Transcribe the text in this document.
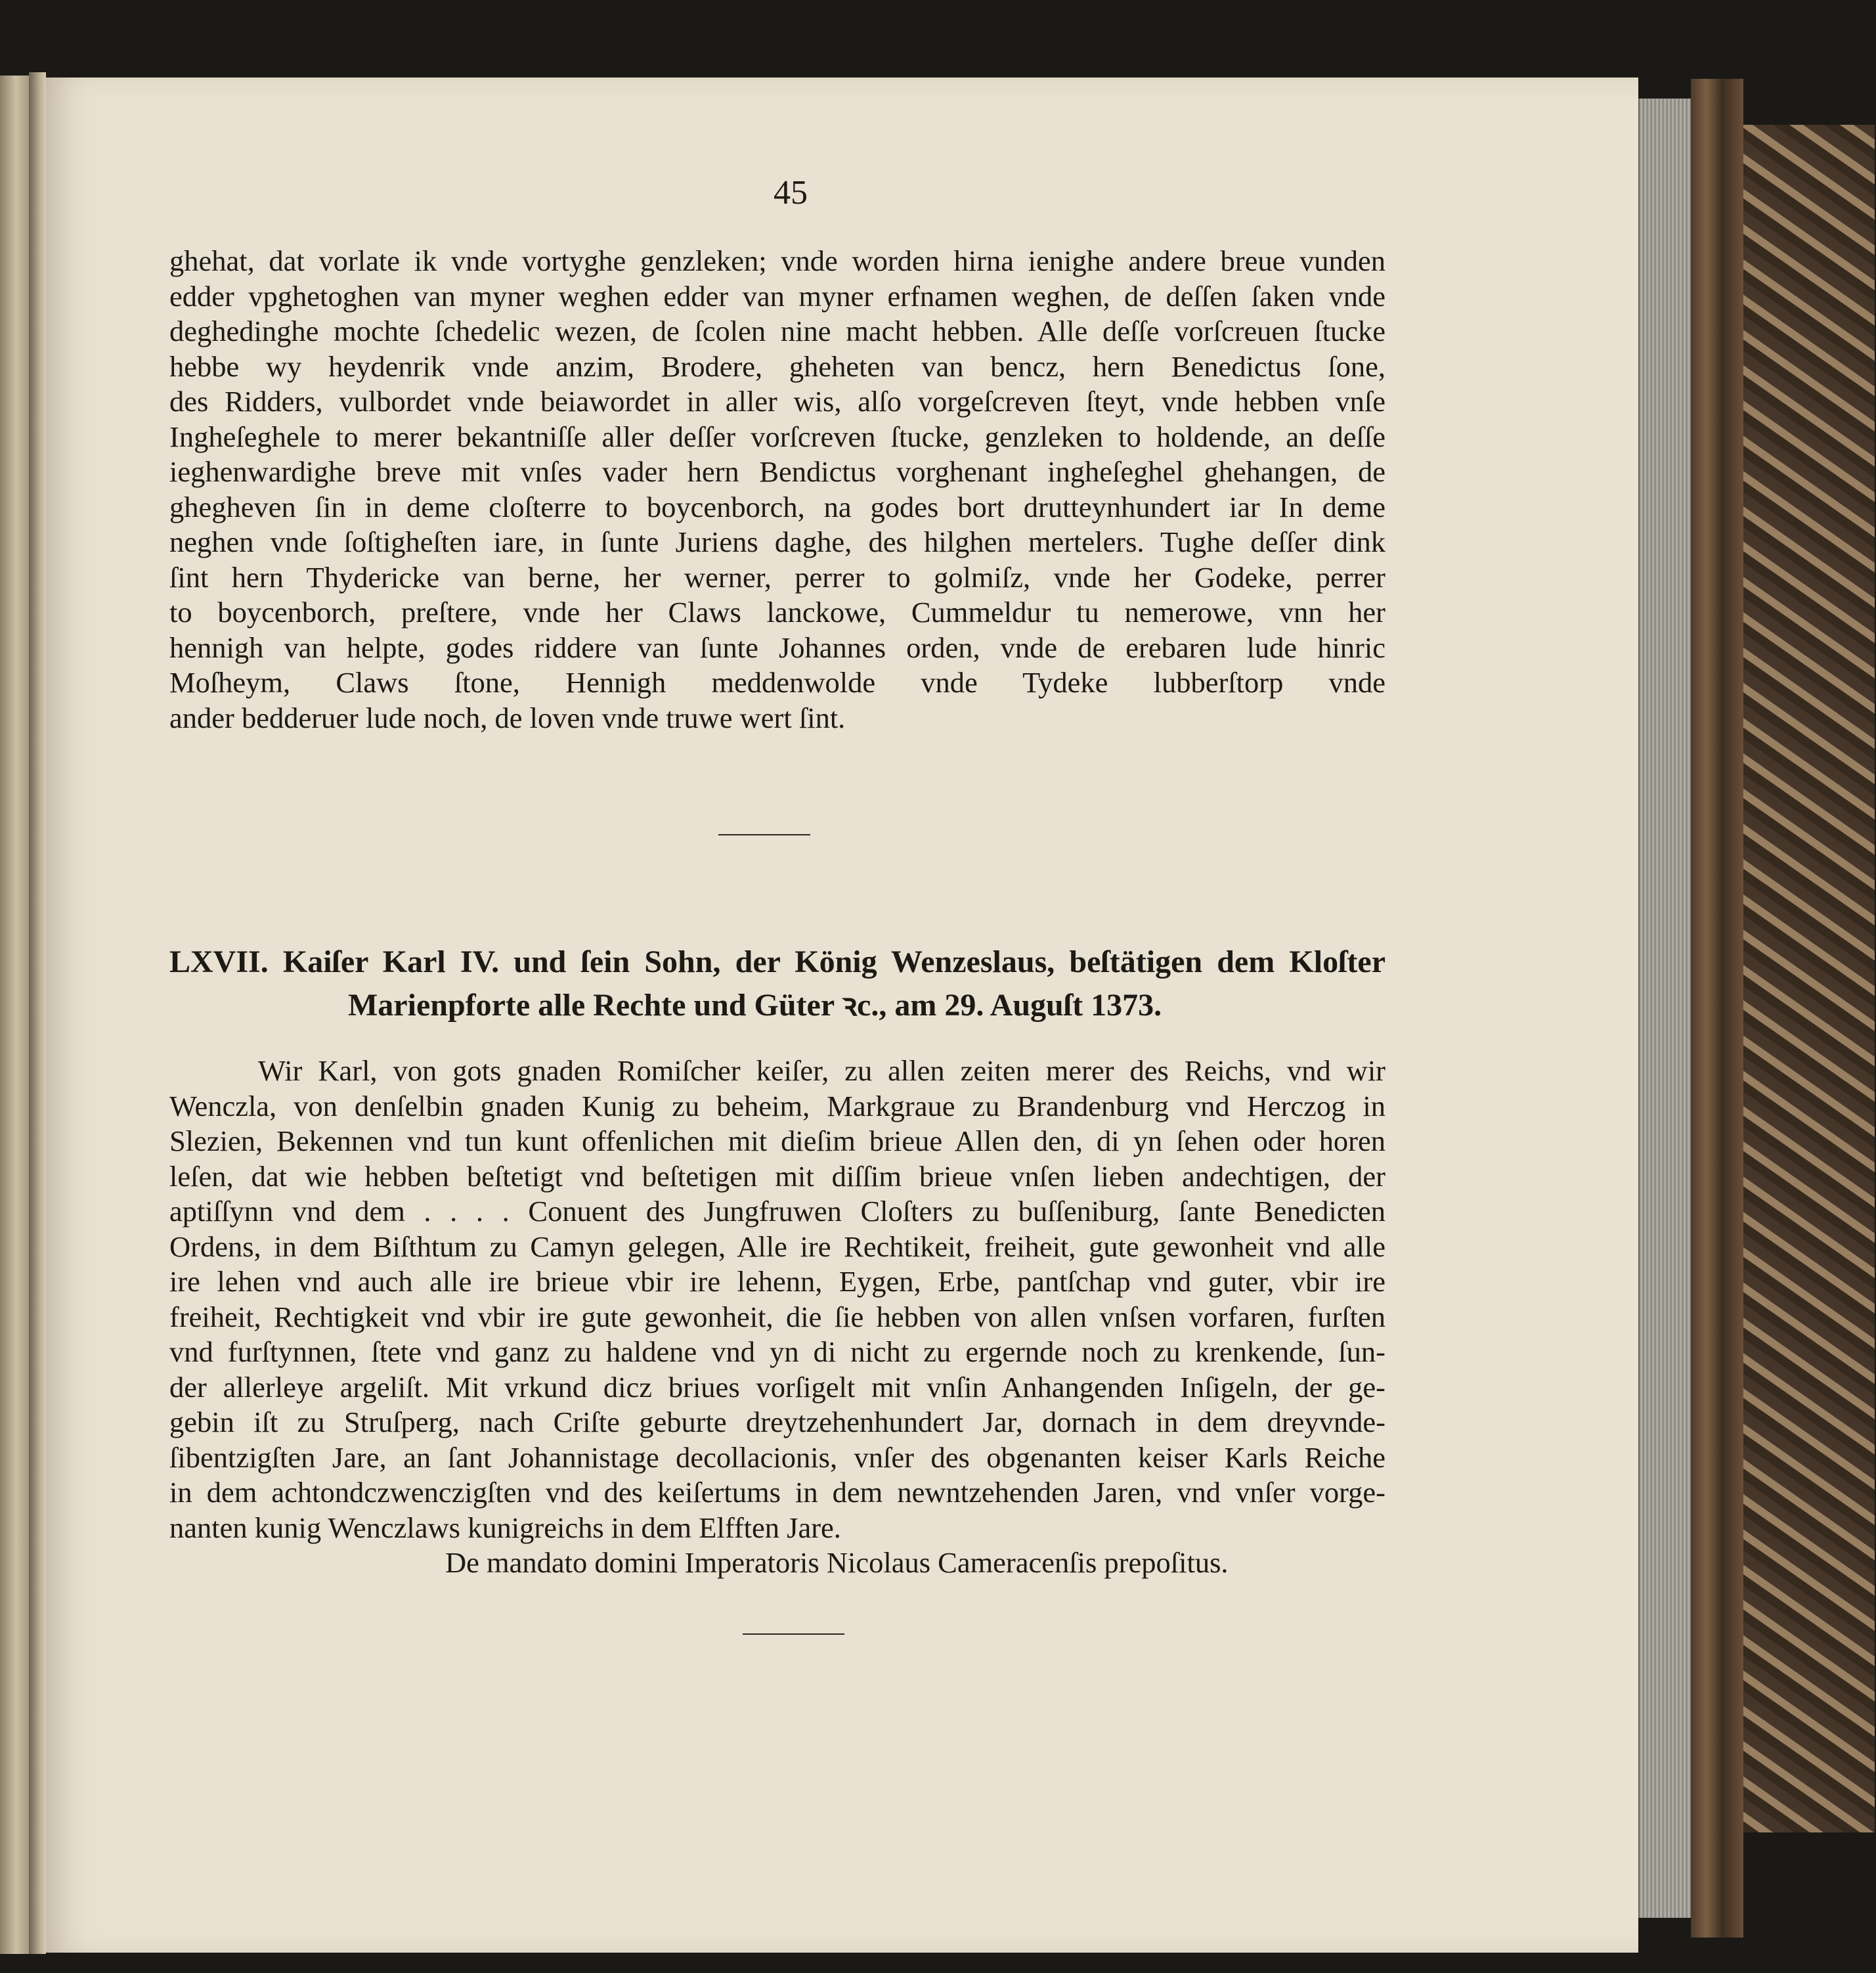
45
ghehat, dat vorlate ik vnde vortyghe genzleken; vnde worden hirna ienighe andere breue vunden
edder vpghetoghen van myner weghen edder van myner erfnamen weghen, de deſſen ſaken vnde
deghedinghe mochte ſchedelic wezen, de ſcolen nine macht hebben. Alle deſſe vorſcreuen ſtucke
hebbe wy heydenrik vnde anzim, Brodere, gheheten van bencz, hern Benedictus ſone,
des Ridders, vulbordet vnde beiawordet in aller wis, alſo vorgeſcreven ſteyt, vnde hebben vnſe
Ingheſeghele to merer bekantniſſe aller deſſer vorſcreven ſtucke, genzleken to holdende, an deſſe
ieghenwardighe breve mit vnſes vader hern Bendictus vorghenant ingheſeghel ghehangen, de
ghegheven ſin in deme cloſterre to boycenborch, na godes bort drutteynhundert iar In deme
neghen vnde ſoſtigheſten iare, in ſunte Juriens daghe, des hilghen mertelers. Tughe deſſer dink
ſint hern Thydericke van berne, her werner, perrer to golmiſz, vnde her Godeke, perrer
to boycenborch, preſtere, vnde her Claws lanckowe, Cummeldur tu nemerowe, vnn her
hennigh van helpte, godes riddere van ſunte Johannes orden, vnde de erebaren lude hinric
Moſheym, Claws ſtone, Hennigh meddenwolde vnde Tydeke lubberſtorp vnde
ander bedderuer lude noch, de loven vnde truwe wert ſint.
LXVII. Kaiſer Karl IV. und ſein Sohn, der König Wenzeslaus, beſtätigen dem Kloſter
Marienpforte alle Rechte und Güter ꝛc., am 29. Auguſt 1373.
Wir Karl, von gots gnaden Romiſcher keiſer, zu allen zeiten merer des Reichs, vnd wir
Wenczla, von denſelbin gnaden Kunig zu beheim, Markgraue zu Brandenburg vnd Herczog in
Slezien, Bekennen vnd tun kunt offenlichen mit dieſim brieue Allen den, di yn ſehen oder horen
leſen, dat wie hebben beſtetigt vnd beſtetigen mit diſſim brieue vnſen lieben andechtigen, der
aptiſſynn vnd dem . . . . Conuent des Jungfruwen Cloſters zu buſſeniburg, ſante Benedicten
Ordens, in dem Biſthtum zu Camyn gelegen, Alle ire Rechtikeit, freiheit, gute gewonheit vnd alle
ire lehen vnd auch alle ire brieue vbir ire lehenn, Eygen, Erbe, pantſchap vnd guter, vbir ire
freiheit, Rechtigkeit vnd vbir ire gute gewonheit, die ſie hebben von allen vnſsen vorfaren, furſten
vnd furſtynnen, ſtete vnd ganz zu haldene vnd yn di nicht zu ergernde noch zu krenkende, ſun-
der allerleye argeliſt. Mit vrkund dicz briues vorſigelt mit vnſin Anhangenden Inſigeln, der ge-
gebin iſt zu Struſperg, nach Criſte geburte dreytzehenhundert Jar, dornach in dem dreyvnde-
ſibentzigſten Jare, an ſant Johannistage decollacionis, vnſer des obgenanten keiser Karls Reiche
in dem achtondczwenczigſten vnd des keiſertums in dem newntzehenden Jaren, vnd vnſer vorge-
nanten kunig Wenczlaws kunigreichs in dem Elfften Jare.
De mandato domini Imperatoris Nicolaus Cameracenſis prepoſitus.
